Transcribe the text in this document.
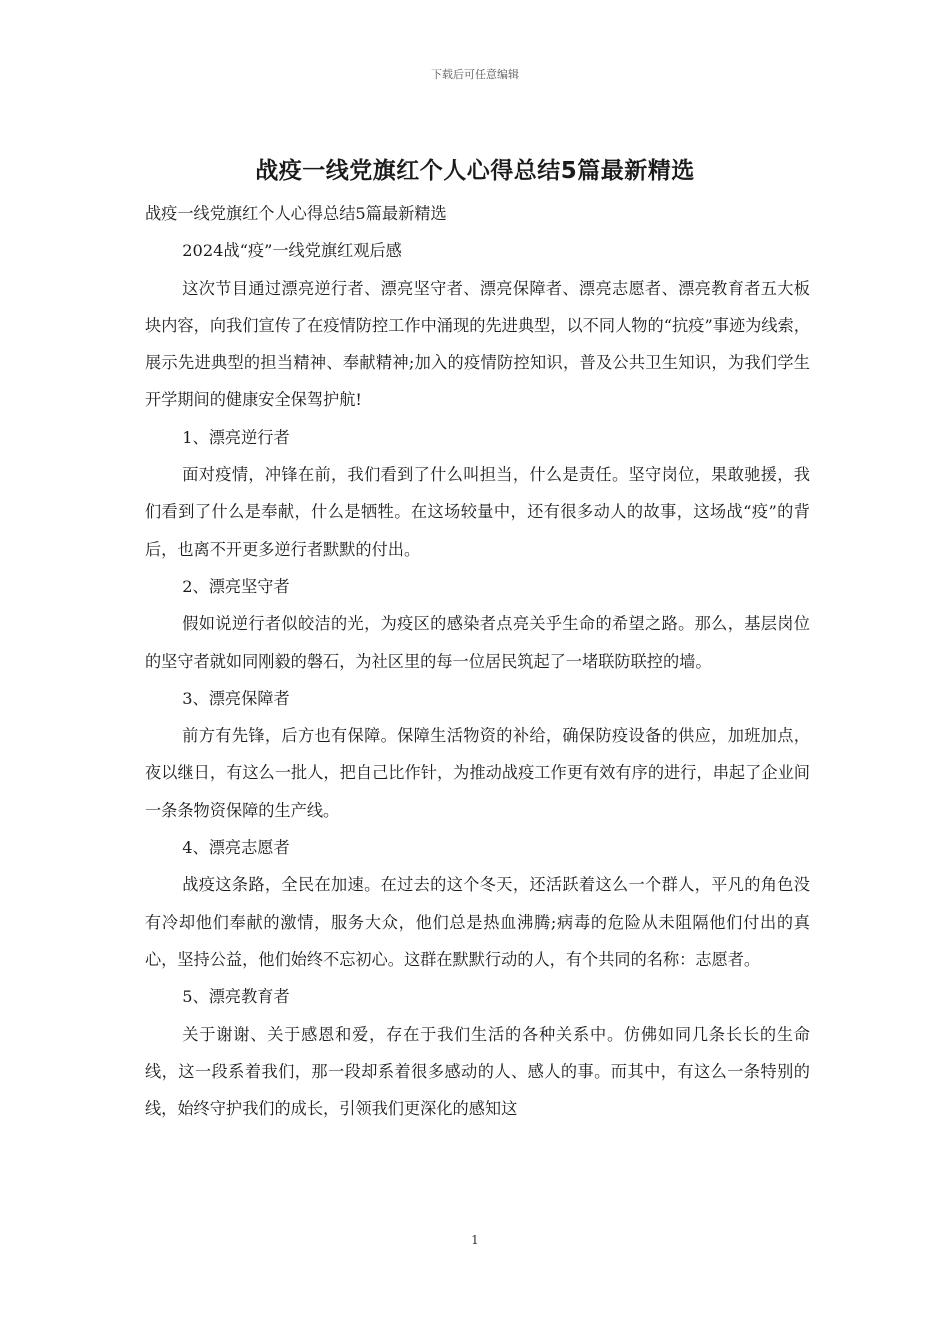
下载后可任意编辑
战疫一线党旗红个人心得总结5篇最新精选

战疫一线党旗红个人心得总结5篇最新精选

2024战“疫”一线党旗红观后感

这次节目通过漂亮逆行者、漂亮坚守者、漂亮保障者、漂亮志愿者、漂亮教育者五大板块内容，向我们宣传了在疫情防控工作中涌现的先进典型，以不同人物的“抗疫”事迹为线索，展示先进典型的担当精神、奉献精神;加入的疫情防控知识，普及公共卫生知识，为我们学生开学期间的健康安全保驾护航!

1、漂亮逆行者

面对疫情，冲锋在前，我们看到了什么叫担当，什么是责任。坚守岗位，果敢驰援，我们看到了什么是奉献，什么是牺牲。在这场较量中，还有很多动人的故事，这场战“疫”的背后，也离不开更多逆行者默默的付出。

2、漂亮坚守者

假如说逆行者似皎洁的光，为疫区的感染者点亮关乎生命的希望之路。那么，基层岗位的坚守者就如同刚毅的磐石，为社区里的每一位居民筑起了一堵联防联控的墙。

3、漂亮保障者

前方有先锋，后方也有保障。保障生活物资的补给，确保防疫设备的供应，加班加点，夜以继日，有这么一批人，把自己比作针，为推动战疫工作更有效有序的进行，串起了企业间一条条物资保障的生产线。

4、漂亮志愿者

战疫这条路，全民在加速。在过去的这个冬天，还活跃着这么一个群人，平凡的角色没有冷却他们奉献的激情，服务大众，他们总是热血沸腾;病毒的危险从未阻隔他们付出的真心，坚持公益，他们始终不忘初心。这群在默默行动的人，有个共同的名称：志愿者。

5、漂亮教育者

关于谢谢、关于感恩和爱，存在于我们生活的各种关系中。仿佛如同几条长长的生命线，这一段系着我们，那一段却系着很多感动的人、感人的事。而其中，有这么一条特别的线，始终守护我们的成长，引领我们更深化的感知这

1
